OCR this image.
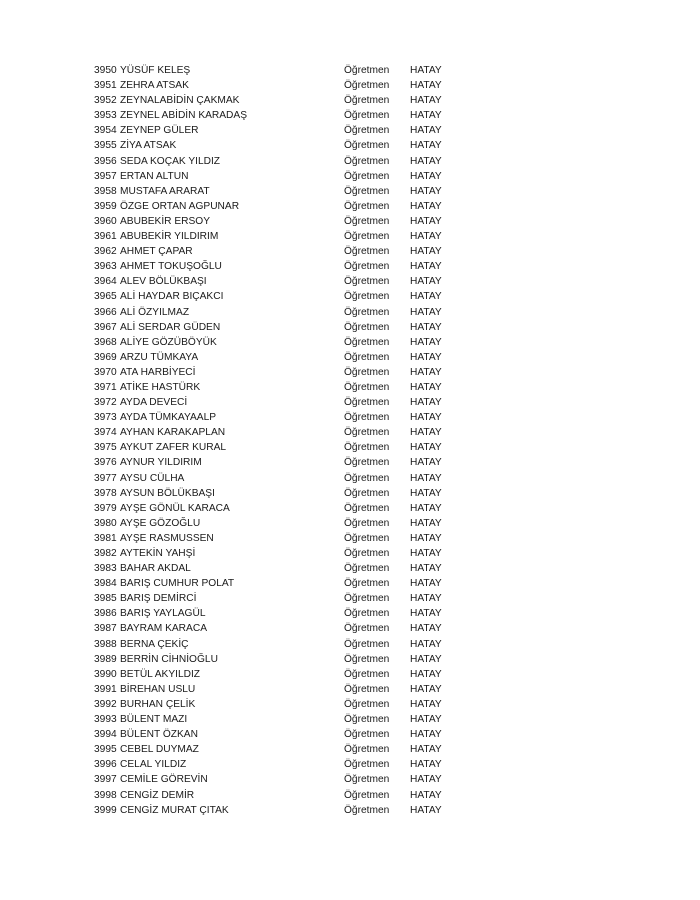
3950 YÜSÜF KELEŞ	Öğretmen HATAY
3951 ZEHRA ATSAK	Öğretmen HATAY
3952 ZEYNALABİDİN ÇAKMAK	Öğretmen HATAY
3953 ZEYNEL ABİDİN KARADAŞ	Öğretmen HATAY
3954 ZEYNEP GÜLER	Öğretmen HATAY
3955 ZİYA ATSAK	Öğretmen HATAY
3956 SEDA KOÇAK YILDIZ	Öğretmen HATAY
3957 ERTAN ALTUN	Öğretmen HATAY
3958 MUSTAFA ARARAT	Öğretmen HATAY
3959 ÖZGE ORTAN AGPUNAR	Öğretmen HATAY
3960 ABUBEKİR ERSOY	Öğretmen HATAY
3961 ABUBEKİR YILDIRIM	Öğretmen HATAY
3962 AHMET ÇAPAR	Öğretmen HATAY
3963 AHMET TOKUŞOĞLU	Öğretmen HATAY
3964 ALEV BÖLÜKBAŞI	Öğretmen HATAY
3965 ALİ HAYDAR BIÇAKCI	Öğretmen HATAY
3966 ALİ ÖZYILMAZ	Öğretmen HATAY
3967 ALİ SERDAR GÜDEN	Öğretmen HATAY
3968 ALİYE GÖZÜBÖYÜK	Öğretmen HATAY
3969 ARZU TÜMKAYA	Öğretmen HATAY
3970 ATA HARBİYECİ	Öğretmen HATAY
3971 ATİKE HASTÜRK	Öğretmen HATAY
3972 AYDA DEVECİ	Öğretmen HATAY
3973 AYDA TÜMKAYAALP	Öğretmen HATAY
3974 AYHAN KARAKAPLAN	Öğretmen HATAY
3975 AYKUT ZAFER KURAL	Öğretmen HATAY
3976 AYNUR YILDIRIM	Öğretmen HATAY
3977 AYSU CÜLHA	Öğretmen HATAY
3978 AYSUN BÖLÜKBAŞI	Öğretmen HATAY
3979 AYŞE GÖNÜL KARACA	Öğretmen HATAY
3980 AYŞE GÖZOĞLU	Öğretmen HATAY
3981 AYŞE RASMUSSEN	Öğretmen HATAY
3982 AYTEKİN YAHŞİ	Öğretmen HATAY
3983 BAHAR AKDAL	Öğretmen HATAY
3984 BARIŞ CUMHUR POLAT	Öğretmen HATAY
3985 BARIŞ DEMİRCİ	Öğretmen HATAY
3986 BARIŞ YAYLAGÜL	Öğretmen HATAY
3987 BAYRAM KARACA	Öğretmen HATAY
3988 BERNA ÇEKİÇ	Öğretmen HATAY
3989 BERRİN CİHNİOĞLU	Öğretmen HATAY
3990 BETÜL AKYILDIZ	Öğretmen HATAY
3991 BİREHAN USLU	Öğretmen HATAY
3992 BURHAN ÇELİK	Öğretmen HATAY
3993 BÜLENT MAZI	Öğretmen HATAY
3994 BÜLENT ÖZKAN	Öğretmen HATAY
3995 CEBEL DUYMAZ	Öğretmen HATAY
3996 CELAL YILDIZ	Öğretmen HATAY
3997 CEMİLE GÖREVİN	Öğretmen HATAY
3998 CENGİZ DEMİR	Öğretmen HATAY
3999 CENGİZ MURAT ÇITAK	Öğretmen HATAY
